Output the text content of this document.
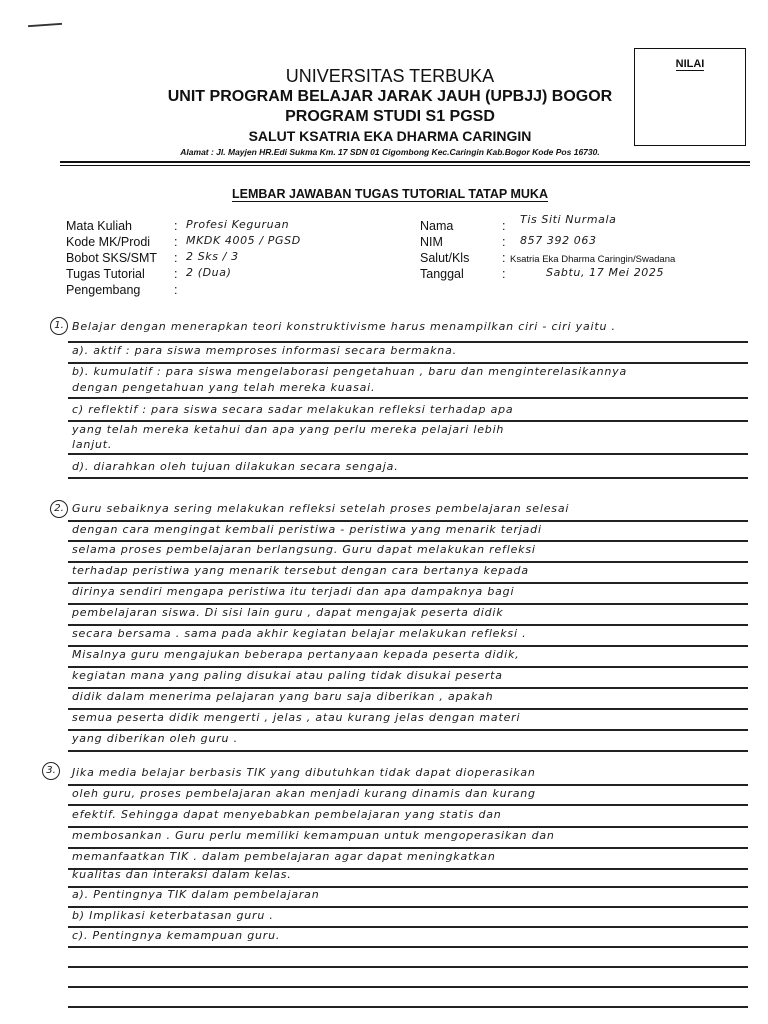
NILAI
UNIVERSITAS TERBUKA
UNIT PROGRAM BELAJAR JARAK JAUH (UPBJJ) BOGOR
PROGRAM STUDI S1 PGSD
SALUT KSATRIA EKA DHARMA CARINGIN
Alamat : Jl. Mayjen HR.Edi Sukma Km. 17 SDN 01 Cigombong Kec.Caringin Kab.Bogor Kode Pos 16730.
LEMBAR JAWABAN TUGAS TUTORIAL TATAP MUKA
Mata Kuliah
Kode MK/Prodi
Bobot SKS/SMT
Tugas Tutorial
Pengembang
:
:
:
:
:
Profesi Keguruan
MKDK 4005 / PGSD
2 Sks / 3
2 (Dua)
Nama
NIM
Salut/Kls
Tanggal
:
:
:
:
Tis Siti Nurmala
857 392 063
Ksatria Eka Dharma Caringin/Swadana
Sabtu, 17 Mei 2025
1. Belajar dengan menerapkan teori konstruktivisme harus menampilkan ciri - ciri yaitu .
a). aktif : para siswa memproses informasi secara bermakna.
b). kumulatif : para siswa mengelaborasi pengetahuan , baru dan menginterelasikannya
dengan pengetahuan yang telah mereka kuasai.
c) reflektif : para siswa secara sadar melakukan refleksi terhadap apa
yang telah mereka ketahui dan apa yang perlu mereka pelajari lebih
lanjut.
d). diarahkan oleh tujuan dilakukan secara sengaja.
2. Guru sebaiknya sering melakukan refleksi setelah proses pembelajaran selesai
dengan cara mengingat kembali peristiwa - peristiwa yang menarik terjadi
selama proses pembelajaran berlangsung. Guru dapat melakukan refleksi
terhadap peristiwa yang menarik tersebut dengan cara bertanya kepada
dirinya sendiri mengapa peristiwa itu terjadi dan apa dampaknya bagi
pembelajaran siswa. Di sisi lain guru , dapat mengajak peserta didik
secara bersama . sama pada akhir kegiatan belajar melakukan refleksi .
Misalnya guru mengajukan beberapa pertanyaan kepada peserta didik,
kegiatan mana yang paling disukai atau paling tidak disukai peserta
didik dalam menerima pelajaran yang baru saja diberikan , apakah
semua peserta didik mengerti , jelas , atau kurang jelas dengan materi
yang diberikan oleh guru .
3.	Jika media belajar berbasis TIK yang dibutuhkan tidak dapat dioperasikan
oleh guru, proses pembelajaran akan menjadi kurang dinamis dan kurang
efektif. Sehingga dapat menyebabkan pembelajaran yang statis dan
membosankan . Guru perlu memiliki kemampuan untuk mengoperasikan dan
memanfaatkan TIK . dalam pembelajaran agar dapat meningkatkan
kualitas dan interaksi dalam kelas.
a). Pentingnya TIK dalam pembelajaran
b) Implikasi keterbatasan guru .
c). Pentingnya kemampuan guru.
